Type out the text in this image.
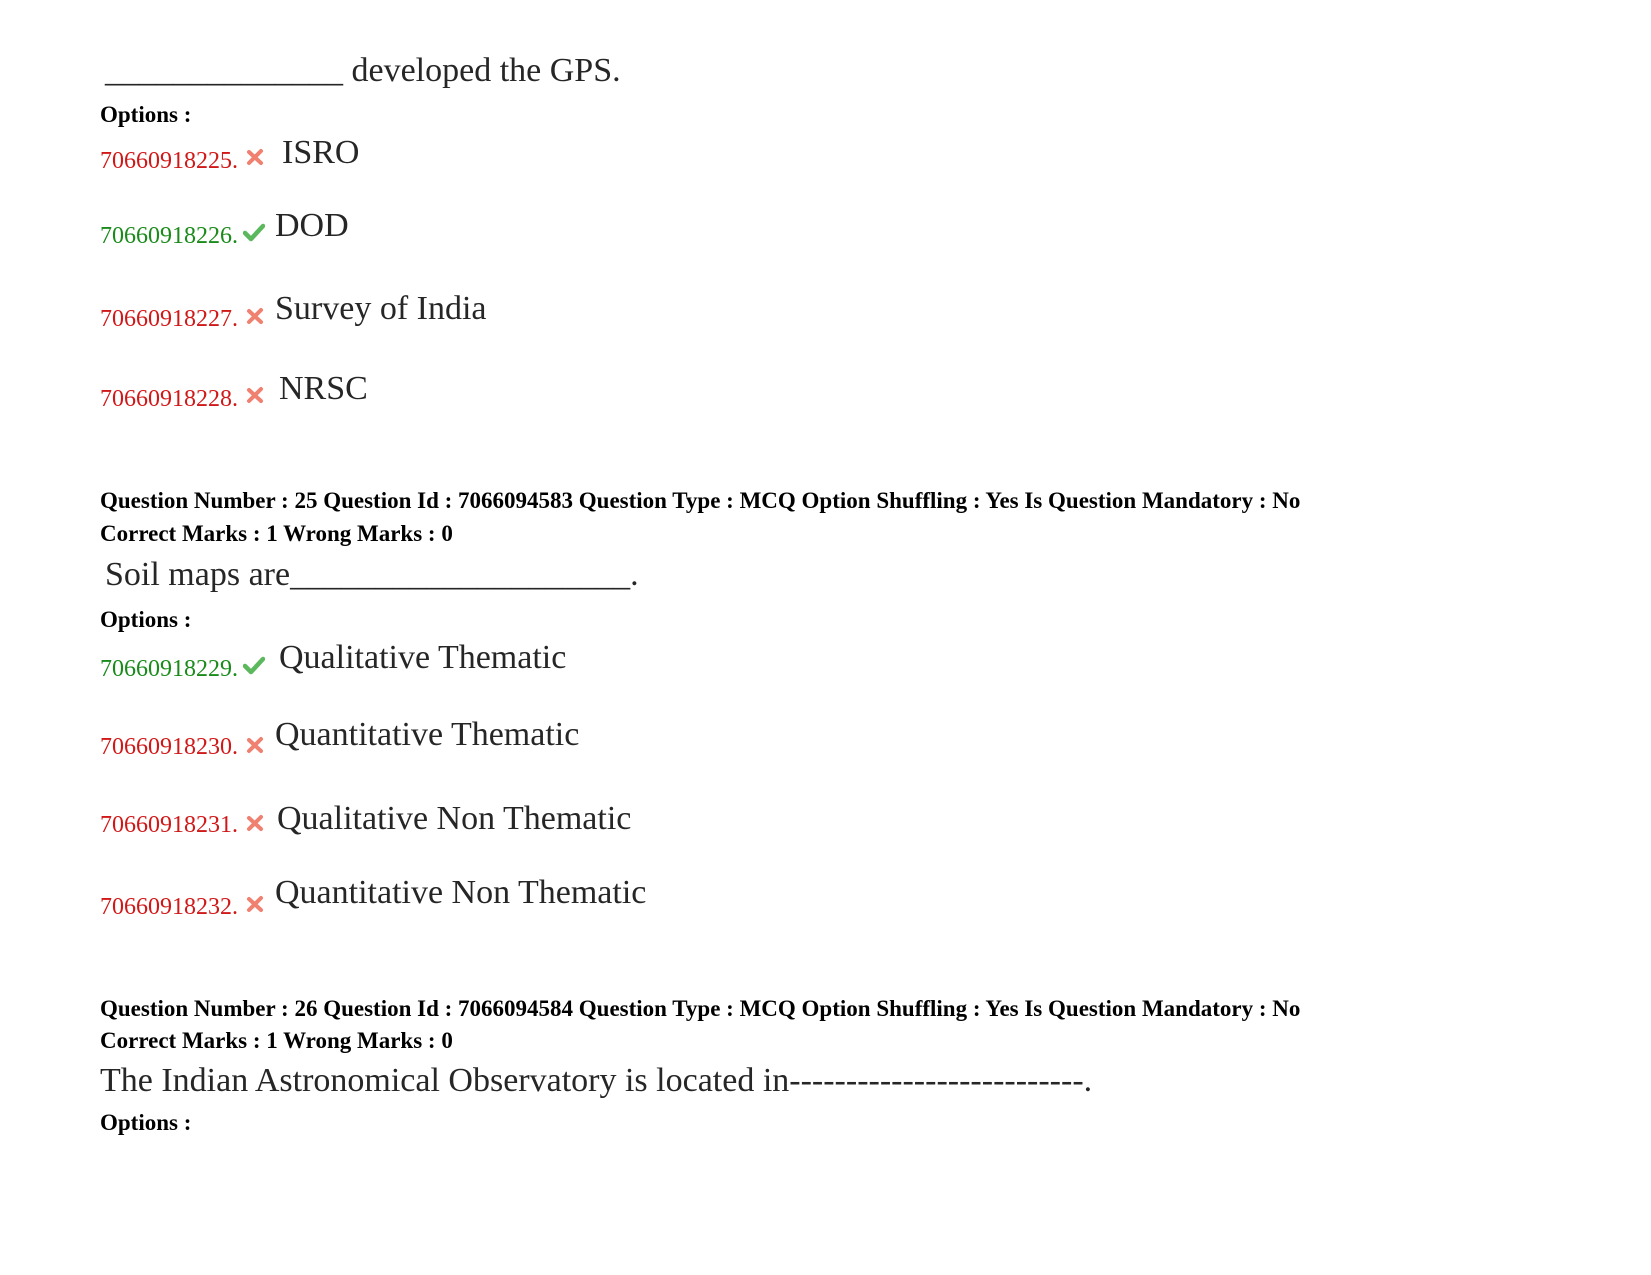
______________ developed the GPS.
Options :
70660918225. ISRO
70660918226. DOD
70660918227. Survey of India
70660918228. NRSC
Question Number : 25 Question Id : 7066094583 Question Type : MCQ Option Shuffling : Yes Is Question Mandatory : No
Correct Marks : 1 Wrong Marks : 0
Soil maps are____________________.
Options :
70660918229. Qualitative Thematic
70660918230. Quantitative Thematic
70660918231. Qualitative Non Thematic
70660918232. Quantitative Non Thematic
Question Number : 26 Question Id : 7066094584 Question Type : MCQ Option Shuffling : Yes Is Question Mandatory : No
Correct Marks : 1 Wrong Marks : 0
The Indian Astronomical Observatory is located in--------------------------.
Options :
